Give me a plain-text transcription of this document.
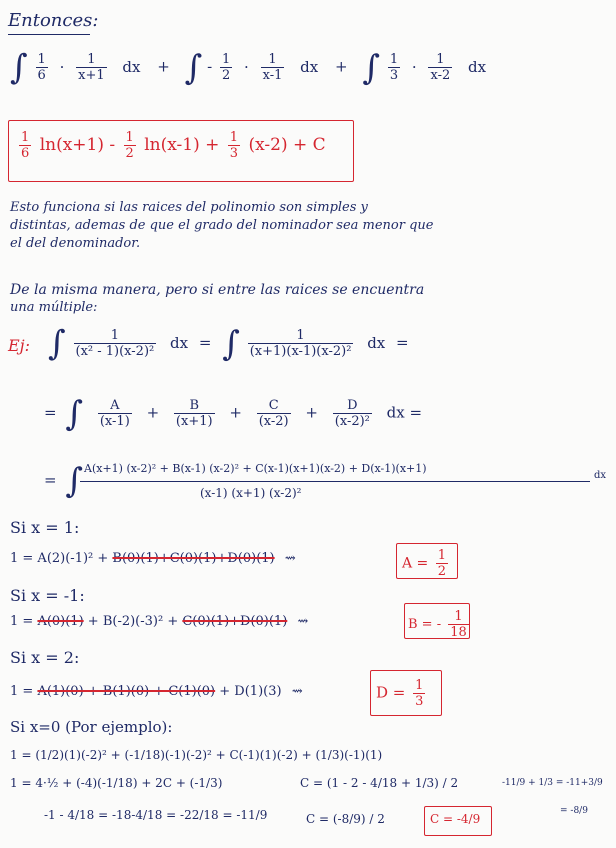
Entonces:
∫ $\frac{1}{6} \cdot \frac{1}{x+1}$ dx + ∫ - $\frac{1}{2} \cdot \frac{1}{x-1}$ dx + ∫ $\frac{1}{3} \cdot \frac{1}{x-2}$ dx
$\frac{1}{6} \ln(x+1) - \frac{1}{2} \ln(x-1) + \frac{1}{3} (x-2) + C$
Esto funciona si las raices del polinomio son simples y
distintas, ademas de que el grado del nominador sea menor que
el del denominador.
De la misma manera, pero si entre las raices se encuentra
una múltiple:
Ej: ∫ $\frac{1}{\text{(x² - 1)(x-2)²}}$ dx = ∫ $\frac{1}{\text{(x+1)(x-1)(x-2)²}}$ dx =
= ∫ $\frac{A}{(x-1)} + \frac{B}{(x+1)} + \frac{C}{(x-2)} + \frac{D}{\text{(x-2)²}}$ dx =
= ∫ A(x+1) (x-2)² + B(x-1) (x-2)² + C(x-1)(x+1)(x-2) + D(x-1)(x+1)
(x-1) (x+1) (x-2)²
dx
Si x = 1:
1 = A(2)(-1)² + B(0)(1)+C(0)(1)+D(0)(1) ⇝	$A = \frac{1}{2}$
Si x = -1:
1 = A(0)(1) + B(-2)(-3)² + C(0)(1)+D(0)(1) ⇝	B = - $\frac{1}{18}$
Si x = 2:
1 = A(1)(0) + B(1)(0) + C(1)(0) + D(1)(3) ⇝	$D = \frac{1}{3}$
Si x=0 (Por ejemplo):
1 = (1/2)(1)(-2)² + (-1/18)(-1)(-2)² + C(-1)(1)(-2) + (1/3)(-1)(1)
1 = 4·½ + (-4)(-1/18) + 2C + (-1/3)	C = (1 - 2 - 4/18 + 1/3) / 2
-1 - 4/18 = -18-4/18 = -22/18 = -11/9	C = (-8/9) / 2	C = -4/9
-11/9 + 1/3 = -11+3/9
= -8/9
